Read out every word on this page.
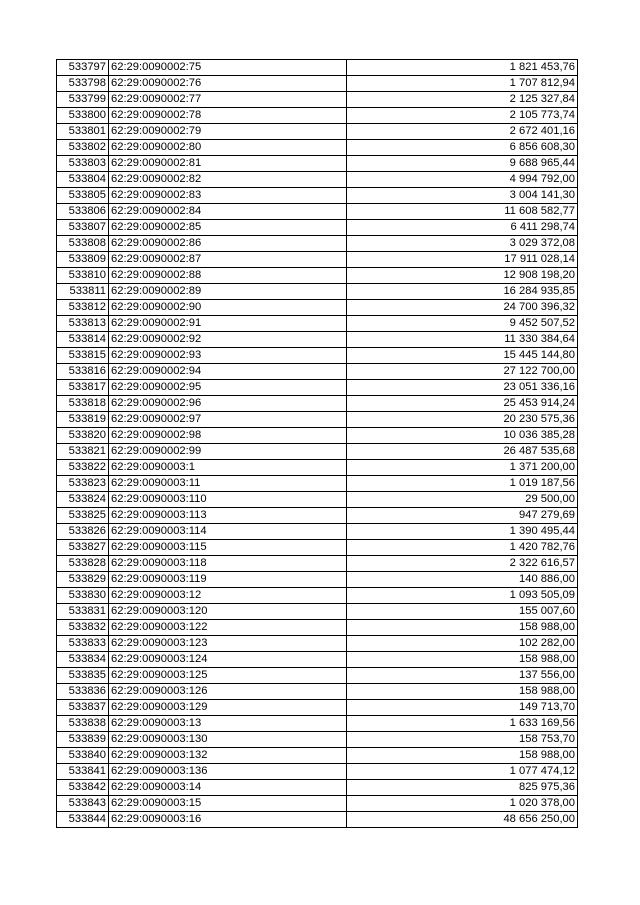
533797	62:29:0090002:75	1 821 453,76
533798	62:29:0090002:76	1 707 812,94
533799	62:29:0090002:77	2 125 327,84
533800	62:29:0090002:78	2 105 773,74
533801	62:29:0090002:79	2 672 401,16
533802	62:29:0090002:80	6 856 608,30
533803	62:29:0090002:81	9 688 965,44
533804	62:29:0090002:82	4 994 792,00
533805	62:29:0090002:83	3 004 141,30
533806	62:29:0090002:84	11 608 582,77
533807	62:29:0090002:85	6 411 298,74
533808	62:29:0090002:86	3 029 372,08
533809	62:29:0090002:87	17 911 028,14
533810	62:29:0090002:88	12 908 198,20
533811	62:29:0090002:89	16 284 935,85
533812	62:29:0090002:90	24 700 396,32
533813	62:29:0090002:91	9 452 507,52
533814	62:29:0090002:92	11 330 384,64
533815	62:29:0090002:93	15 445 144,80
533816	62:29:0090002:94	27 122 700,00
533817	62:29:0090002:95	23 051 336,16
533818	62:29:0090002:96	25 453 914,24
533819	62:29:0090002:97	20 230 575,36
533820	62:29:0090002:98	10 036 385,28
533821	62:29:0090002:99	26 487 535,68
533822	62:29:0090003:1	1 371 200,00
533823	62:29:0090003:11	1 019 187,56
533824	62:29:0090003:110	29 500,00
533825	62:29:0090003:113	947 279,69
533826	62:29:0090003:114	1 390 495,44
533827	62:29:0090003:115	1 420 782,76
533828	62:29:0090003:118	2 322 616,57
533829	62:29:0090003:119	140 886,00
533830	62:29:0090003:12	1 093 505,09
533831	62:29:0090003:120	155 007,60
533832	62:29:0090003:122	158 988,00
533833	62:29:0090003:123	102 282,00
533834	62:29:0090003:124	158 988,00
533835	62:29:0090003:125	137 556,00
533836	62:29:0090003:126	158 988,00
533837	62:29:0090003:129	149 713,70
533838	62:29:0090003:13	1 633 169,56
533839	62:29:0090003:130	158 753,70
533840	62:29:0090003:132	158 988,00
533841	62:29:0090003:136	1 077 474,12
533842	62:29:0090003:14	825 975,36
533843	62:29:0090003:15	1 020 378,00
533844	62:29:0090003:16	48 656 250,00
